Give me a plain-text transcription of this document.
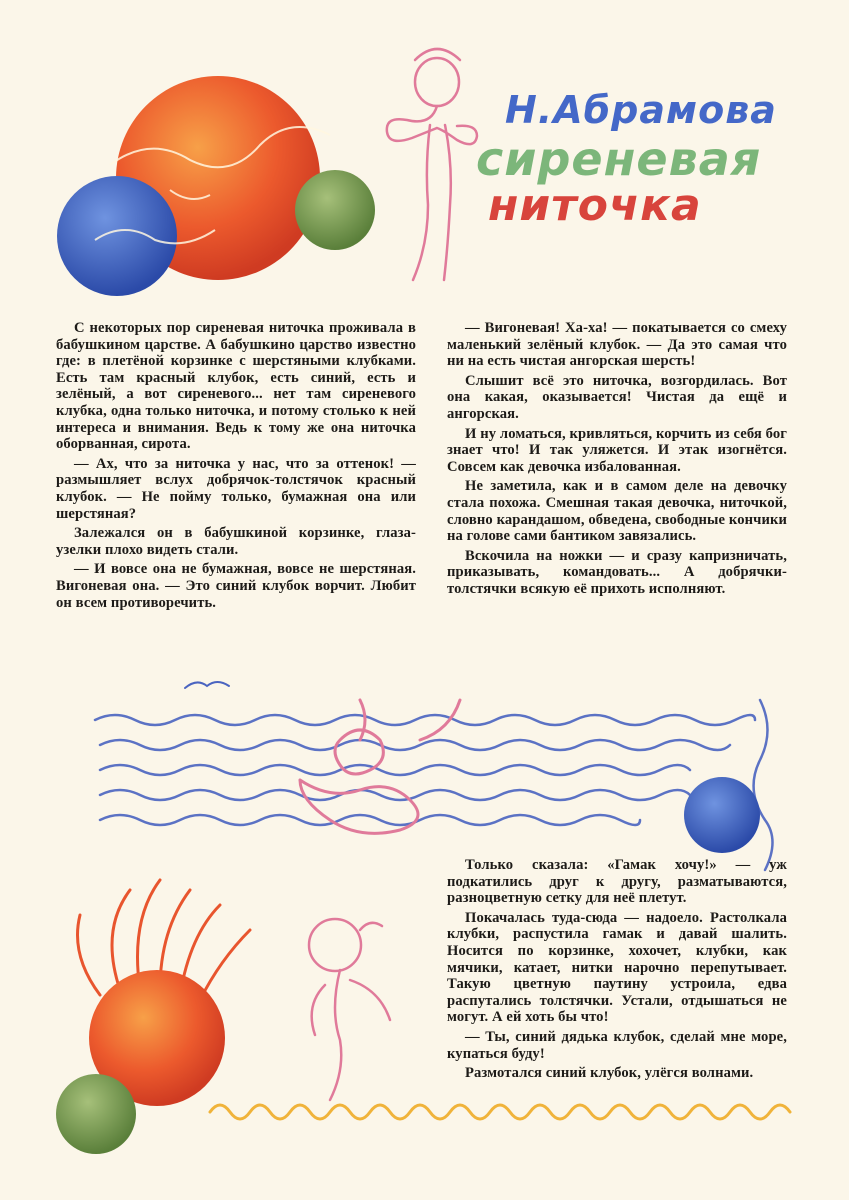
Н.Абрамова
сиреневая
ниточка

С некоторых пор сиреневая ниточка проживала в бабушкином царстве. А бабушкино царство известно где: в плетёной корзинке с шерстяными клубками. Есть там красный клубок, есть синий, есть и зелёный, а вот сиреневого... нет там сиреневого клубка, одна только ниточка, и потому столько к ней интереса и внимания. Ведь к тому же она ниточка оборванная, сирота.

— Ах, что за ниточка у нас, что за оттенок! — размышляет вслух добрячок-толстячок красный клубок. — Не пойму только, бумажная она или шерстяная?

Залежался он в бабушкиной корзинке, глаза-узелки плохо видеть стали.

— И вовсе она не бумажная, вовсе не шерстяная. Вигоневая она. — Это синий клубок ворчит. Любит он всем противоречить.

— Вигоневая! Ха-ха! — покатывается со смеху маленький зелёный клубок. — Да это самая что ни на есть чистая ангорская шерсть!

Слышит всё это ниточка, возгордилась. Вот она какая, оказывается! Чистая да ещё и ангорская.

И ну ломаться, кривляться, корчить из себя бог знает что! И так уляжется. И этак изогнётся. Совсем как девочка избалованная.

Не заметила, как и в самом деле на девочку стала похожа. Смешная такая девочка, ниточкой, словно карандашом, обведена, свободные кончики на голове сами бантиком завязались.

Вскочила на ножки — и сразу капризничать, приказывать, командовать... А добрячки-толстячки всякую её прихоть исполняют.

Только сказала: «Гамак хочу!» — уж подкатились друг к другу, разматываются, разноцветную сетку для неё плетут.

Покачалась туда-сюда — надоело. Растолкала клубки, распустила гамак и давай шалить. Носится по корзинке, хохочет, клубки, как мячики, катает, нитки нарочно перепутывает. Такую цветную паутину устроила, едва распутались толстячки. Устали, отдышаться не могут. А ей хоть бы что!

— Ты, синий дядька клубок, сделай мне море, купаться буду!

Размотался синий клубок, улёгся волнами.
